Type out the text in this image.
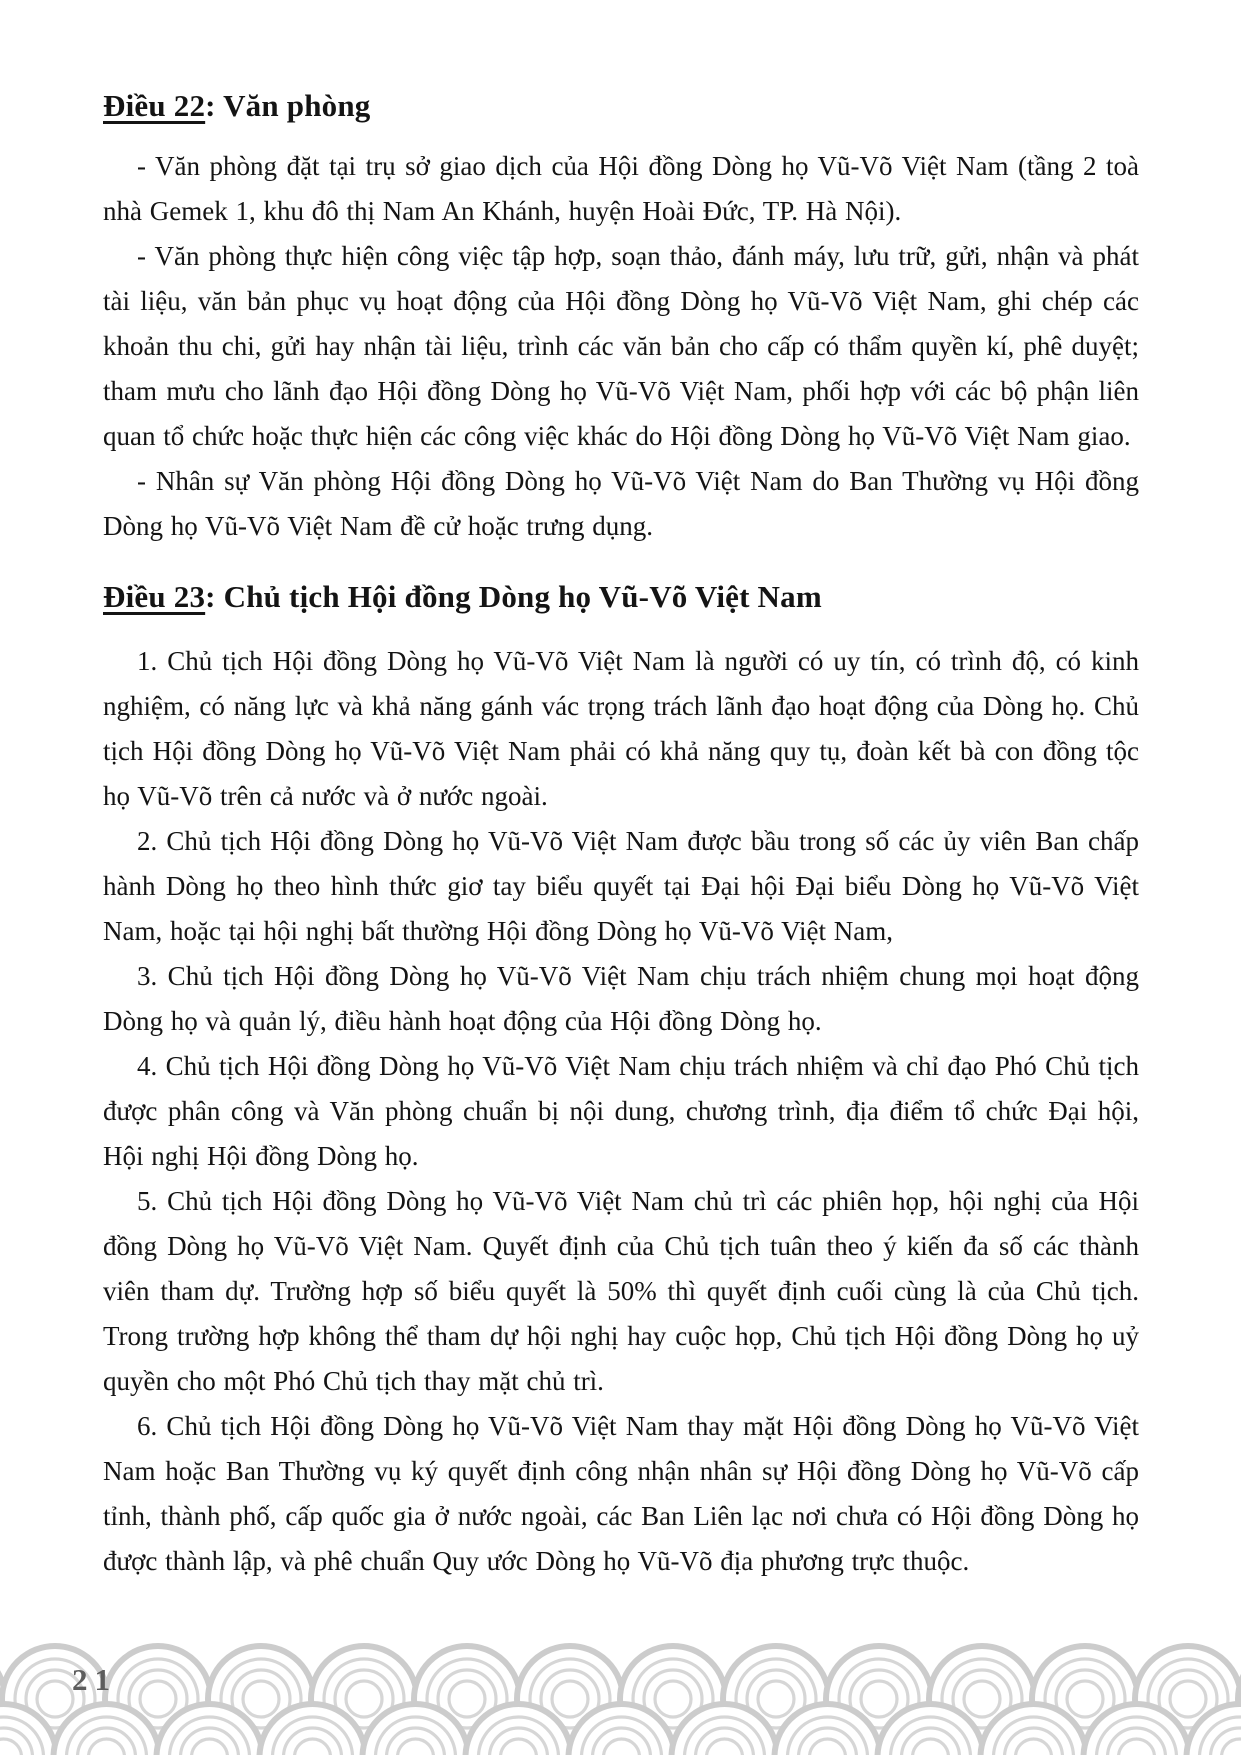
Điều 22: Văn phòng

- Văn phòng đặt tại trụ sở giao dịch của Hội đồng Dòng họ Vũ-Võ Việt Nam (tầng 2 toà nhà Gemek 1, khu đô thị Nam An Khánh, huyện Hoài Đức, TP. Hà Nội).

- Văn phòng thực hiện công việc tập hợp, soạn thảo, đánh máy, lưu trữ, gửi, nhận và phát tài liệu, văn bản phục vụ hoạt động của Hội đồng Dòng họ Vũ-Võ Việt Nam, ghi chép các khoản thu chi, gửi hay nhận tài liệu, trình các văn bản cho cấp có thẩm quyền kí, phê duyệt; tham mưu cho lãnh đạo Hội đồng Dòng họ Vũ-Võ Việt Nam, phối hợp với các bộ phận liên quan tổ chức hoặc thực hiện các công việc khác do Hội đồng Dòng họ Vũ-Võ Việt Nam giao.

- Nhân sự Văn phòng Hội đồng Dòng họ Vũ-Võ Việt Nam do Ban Thường vụ Hội đồng Dòng họ Vũ-Võ Việt Nam đề cử hoặc trưng dụng.

Điều 23: Chủ tịch Hội đồng Dòng họ Vũ-Võ Việt Nam

1. Chủ tịch Hội đồng Dòng họ Vũ-Võ Việt Nam là người có uy tín, có trình độ, có kinh nghiệm, có năng lực và khả năng gánh vác trọng trách lãnh đạo hoạt động của Dòng họ. Chủ tịch Hội đồng Dòng họ Vũ-Võ Việt Nam phải có khả năng quy tụ, đoàn kết bà con đồng tộc họ Vũ-Võ trên cả nước và ở nước ngoài.

2. Chủ tịch Hội đồng Dòng họ Vũ-Võ Việt Nam được bầu trong số các ủy viên Ban chấp hành Dòng họ theo hình thức giơ tay biểu quyết tại Đại hội Đại biểu Dòng họ Vũ-Võ Việt Nam, hoặc tại hội nghị bất thường Hội đồng Dòng họ Vũ-Võ Việt Nam,

3. Chủ tịch Hội đồng Dòng họ Vũ-Võ Việt Nam chịu trách nhiệm chung mọi hoạt động Dòng họ và quản lý, điều hành hoạt động của Hội đồng Dòng họ.

4. Chủ tịch Hội đồng Dòng họ Vũ-Võ Việt Nam chịu trách nhiệm và chỉ đạo Phó Chủ tịch được phân công và Văn phòng chuẩn bị nội dung, chương trình, địa điểm tổ chức Đại hội, Hội nghị Hội đồng Dòng họ.

5. Chủ tịch Hội đồng Dòng họ Vũ-Võ Việt Nam chủ trì các phiên họp, hội nghị của Hội đồng Dòng họ Vũ-Võ Việt Nam. Quyết định của Chủ tịch tuân theo ý kiến đa số các thành viên tham dự. Trường hợp số biểu quyết là 50% thì quyết định cuối cùng là của Chủ tịch. Trong trường hợp không thể tham dự hội nghị hay cuộc họp, Chủ tịch Hội đồng Dòng họ uỷ quyền cho một Phó Chủ tịch thay mặt chủ trì.

6. Chủ tịch Hội đồng Dòng họ Vũ-Võ Việt Nam thay mặt Hội đồng Dòng họ Vũ-Võ Việt Nam hoặc Ban Thường vụ ký quyết định công nhận nhân sự Hội đồng Dòng họ Vũ-Võ cấp tỉnh, thành phố, cấp quốc gia ở nước ngoài, các Ban Liên lạc nơi chưa có Hội đồng Dòng họ được thành lập, và phê chuẩn Quy ước Dòng họ Vũ-Võ địa phương trực thuộc.

21
